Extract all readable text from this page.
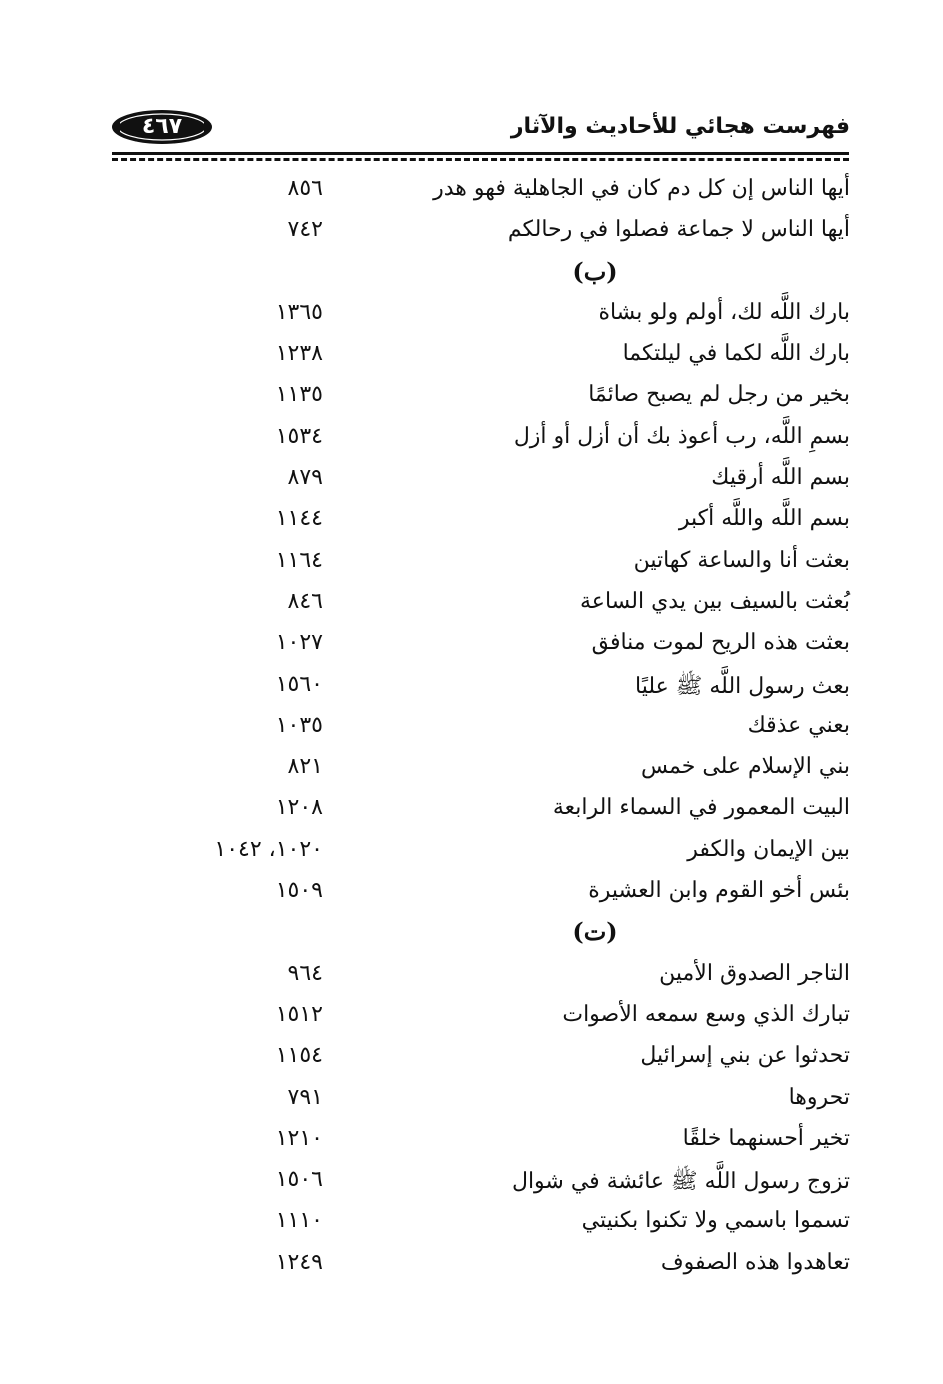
٤٦٧	فهرست هجائي للأحاديث والآثار
أيها الناس إن كل دم كان في الجاهلية فهو هدر
٨٥٦
أيها الناس لا جماعة فصلوا في رحالكم
٧٤٢
(ب)
بارك اللَّه لك، أولم ولو بشاة
١٣٦٥
بارك اللَّه لكما في ليلتكما
١٢٣٨
بخير من رجل لم يصبح صائمًا
١١٣٥
بسمِ اللَّه، رب أعوذ بك أن أزل أو أزل
١٥٣٤
بسم اللَّه أرقيك
٨٧٩
بسم اللَّه واللَّه أكبر
١١٤٤
بعثت أنا والساعة كهاتين
١١٦٤
بُعثت بالسيف بين يدي الساعة
٨٤٦
بعثت هذه الريح لموت منافق
١٠٢٧
بعث رسول اللَّه ﷺ عليًا
١٥٦٠
بعني عذقك
١٠٣٥
بني الإسلام على خمس
٨٢١
البيت المعمور في السماء الرابعة
١٢٠٨
بين الإيمان والكفر
١٠٢٠، ١٠٤٢
بئس أخو القوم وابن العشيرة
١٥٠٩
(ت)
التاجر الصدوق الأمين
٩٦٤
تبارك الذي وسع سمعه الأصوات
١٥١٢
تحدثوا عن بني إسرائيل
١١٥٤
تحروها
٧٩١
تخير أحسنهما خلقًا
١٢١٠
تزوج رسول اللَّه ﷺ عائشة في شوال
١٥٠٦
تسموا باسمي ولا تكنوا بكنيتي
١١١٠
تعاهدوا هذه الصفوف
١٢٤٩
